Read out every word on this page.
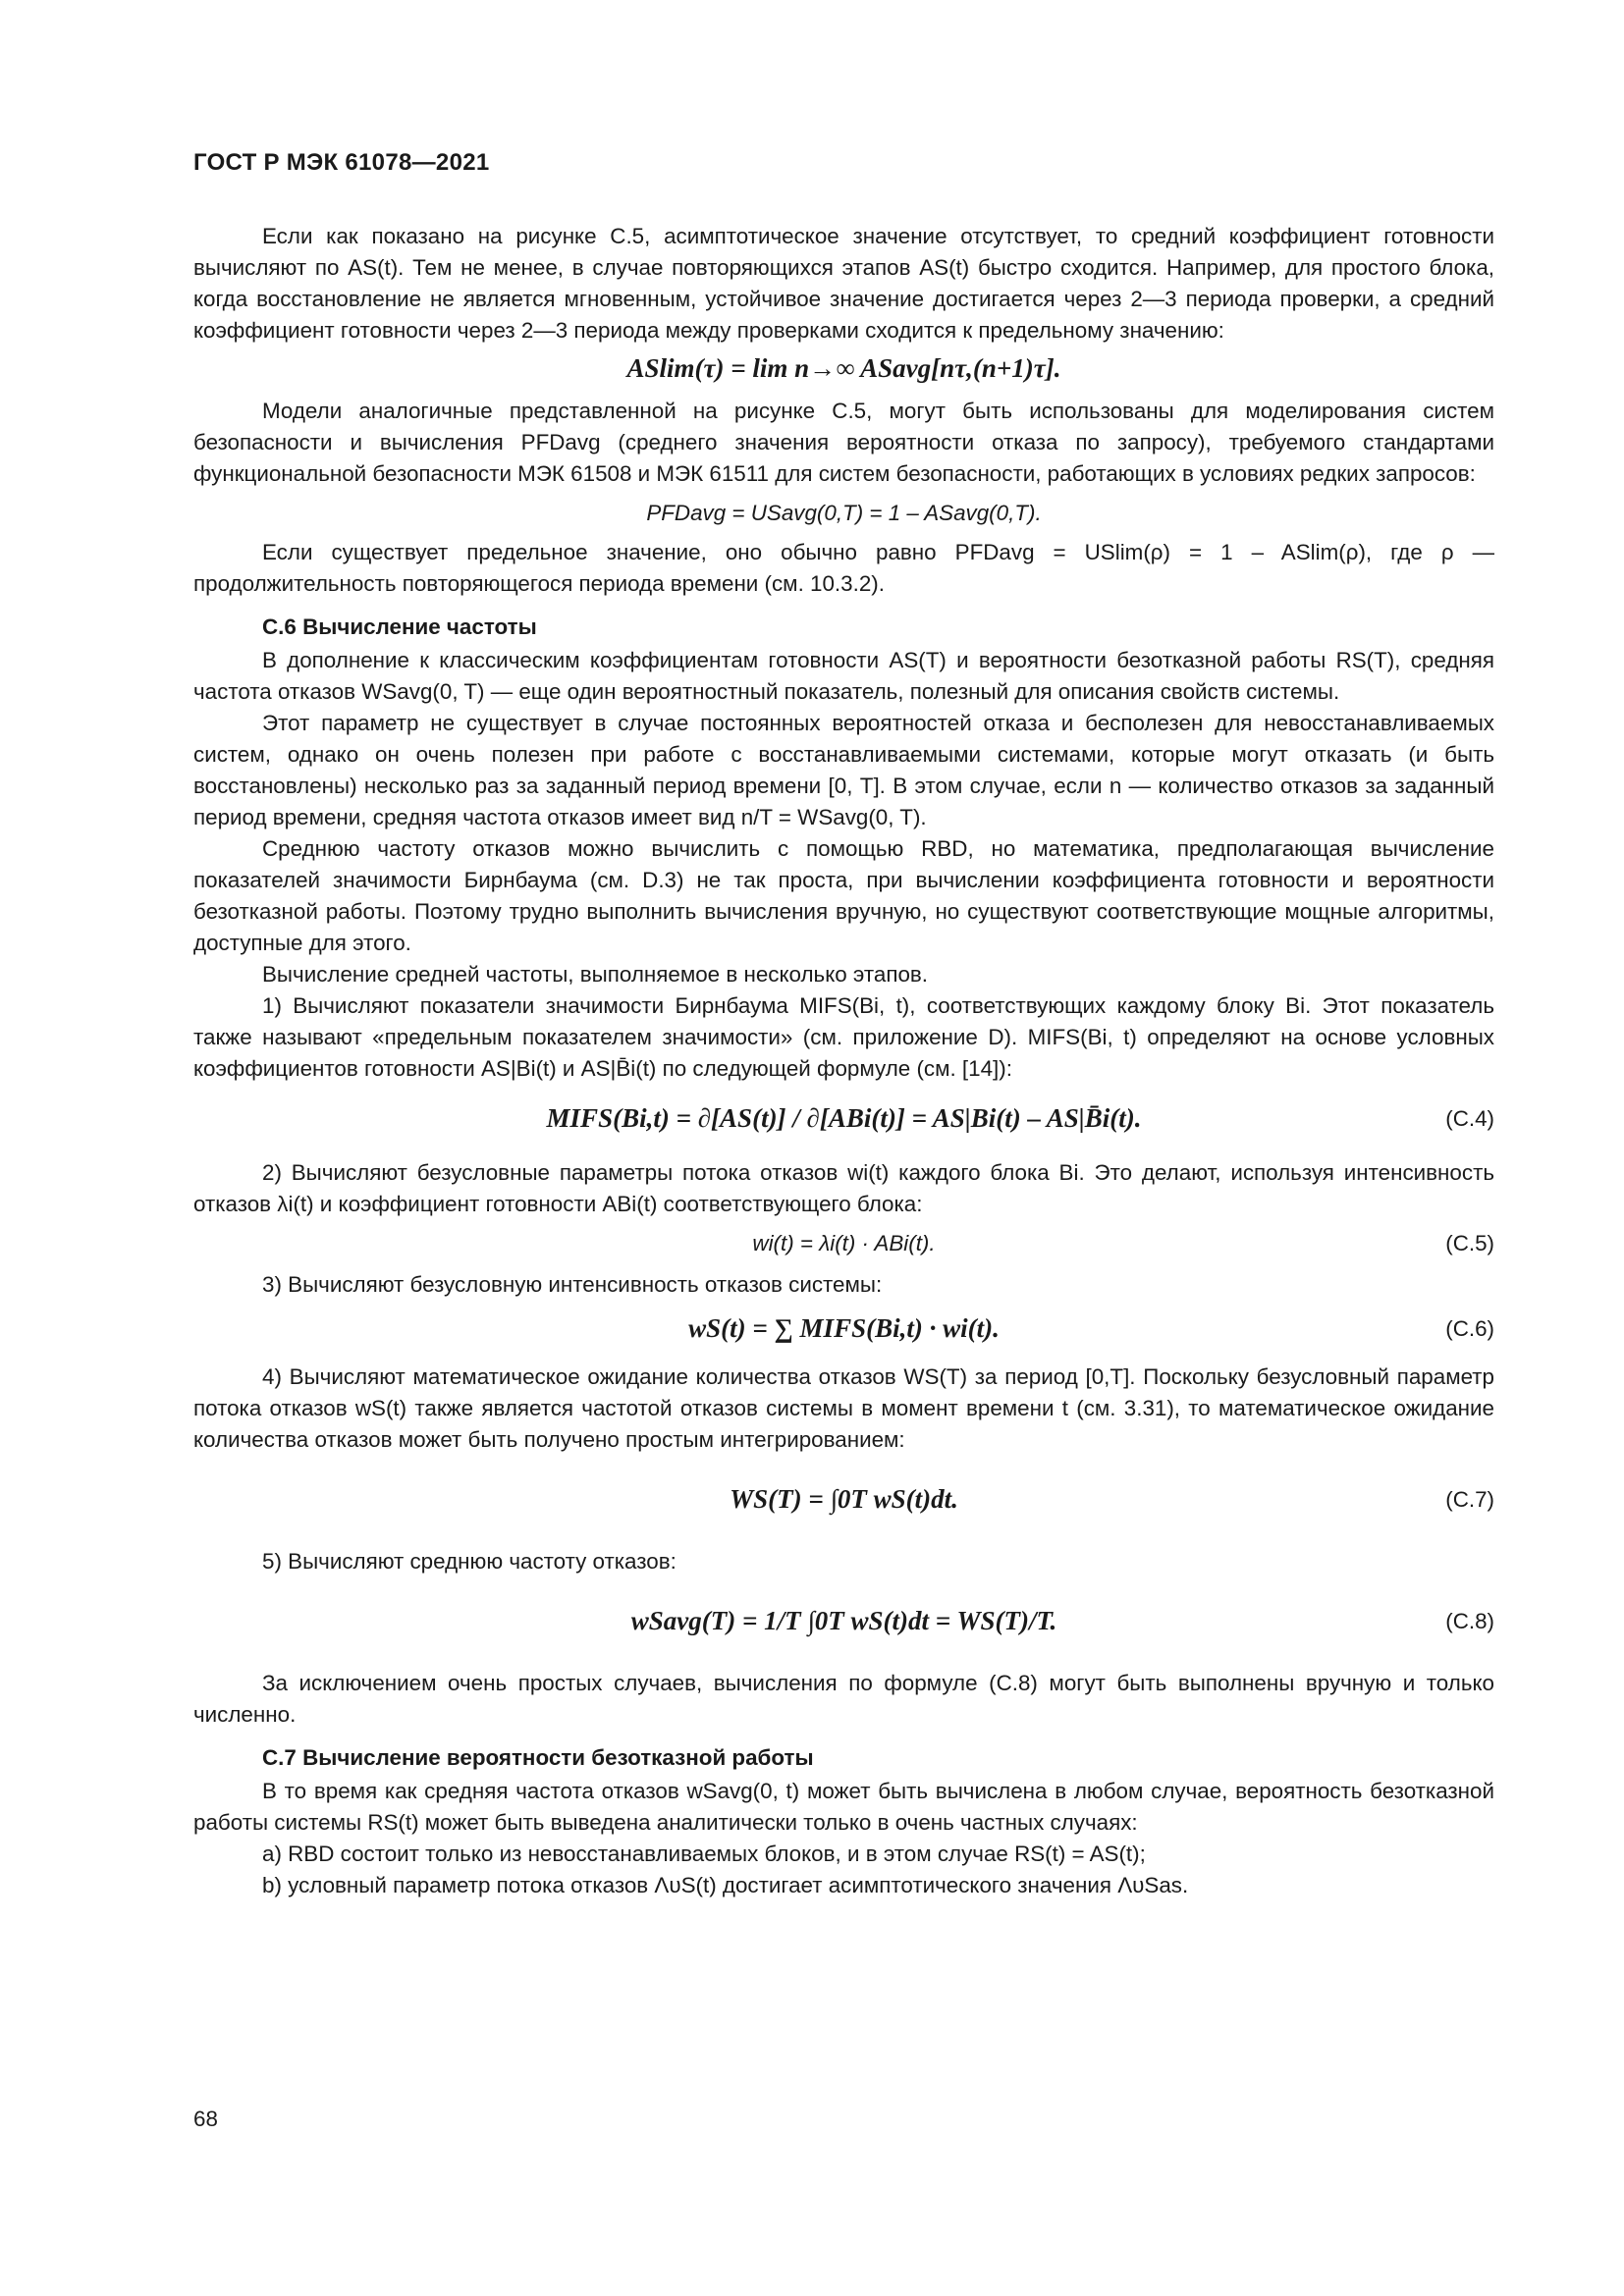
ГОСТ Р МЭК 61078—2021

Если как показано на рисунке С.5, асимптотическое значение отсутствует, то средний коэффициент готовности вычисляют по AS(t). Тем не менее, в случае повторяющихся этапов AS(t) быстро сходится. Например, для простого блока, когда восстановление не является мгновенным, устойчивое значение достигается через 2—3 периода проверки, а средний коэффициент готовности через 2—3 периода между проверками сходится к предельному значению:

ASlim(τ) = lim n→∞ ASavg[nτ,(n+1)τ].

Модели аналогичные представленной на рисунке С.5, могут быть использованы для моделирования систем безопасности и вычисления PFDavg (среднего значения вероятности отказа по запросу), требуемого стандартами функциональной безопасности МЭК 61508 и МЭК 61511 для систем безопасности, работающих в условиях редких запросов:

PFDavg = USavg(0,T) = 1 – ASavg(0,T).

Если существует предельное значение, оно обычно равно PFDavg = USlim(ρ) = 1 – ASlim(ρ), где ρ — продолжительность повторяющегося периода времени (см. 10.3.2).

С.6 Вычисление частоты

В дополнение к классическим коэффициентам готовности AS(T) и вероятности безотказной работы RS(T), средняя частота отказов WSavg(0, T) — еще один вероятностный показатель, полезный для описания свойств системы.

Этот параметр не существует в случае постоянных вероятностей отказа и бесполезен для невосстанавливаемых систем, однако он очень полезен при работе с восстанавливаемыми системами, которые могут отказать (и быть восстановлены) несколько раз за заданный период времени [0, T]. В этом случае, если n — количество отказов за заданный период времени, средняя частота отказов имеет вид n/T = WSavg(0, T).

Среднюю частоту отказов можно вычислить с помощью RBD, но математика, предполагающая вычисление показателей значимости Бирнбаума (см. D.3) не так проста, при вычислении коэффициента готовности и вероятности безотказной работы. Поэтому трудно выполнить вычисления вручную, но существуют соответствующие мощные алгоритмы, доступные для этого.

Вычисление средней частоты, выполняемое в несколько этапов.

1) Вычисляют показатели значимости Бирнбаума MIFS(Bi, t), соответствующих каждому блоку Bi. Этот показатель также называют «предельным показателем значимости» (см. приложение D). MIFS(Bi, t) определяют на основе условных коэффициентов готовности AS|Bi(t) и AS|B̄i(t) по следующей формуле (см. [14]):

MIFS(Bi,t) = ∂[AS(t)] / ∂[ABi(t)] = AS|Bi(t) – AS|B̄i(t).	(С.4)

2) Вычисляют безусловные параметры потока отказов wi(t) каждого блока Bi. Это делают, используя интенсивность отказов λi(t) и коэффициент готовности ABi(t) соответствующего блока:

wi(t) = λi(t) · ABi(t).	(С.5)

3) Вычисляют безусловную интенсивность отказов системы:

wS(t) = ∑ MIFS(Bi,t) · wi(t).	(С.6)

4) Вычисляют математическое ожидание количества отказов WS(T) за период [0,T]. Поскольку безусловный параметр потока отказов wS(t) также является частотой отказов системы в момент времени t (см. 3.31), то математическое ожидание количества отказов может быть получено простым интегрированием:

WS(T) = ∫0T wS(t)dt.	(С.7)

5) Вычисляют среднюю частоту отказов:

wSavg(T) = 1/T ∫0T wS(t)dt = WS(T)/T.	(С.8)

За исключением очень простых случаев, вычисления по формуле (С.8) могут быть выполнены вручную и только численно.

С.7 Вычисление вероятности безотказной работы

В то время как средняя частота отказов wSavg(0, t) может быть вычислена в любом случае, вероятность безотказной работы системы RS(t) может быть выведена аналитически только в очень частных случаях:

a) RBD состоит только из невосстанавливаемых блоков, и в этом случае RS(t) = AS(t);

b) условный параметр потока отказов ΛυS(t) достигает асимптотического значения ΛυSas.

68
